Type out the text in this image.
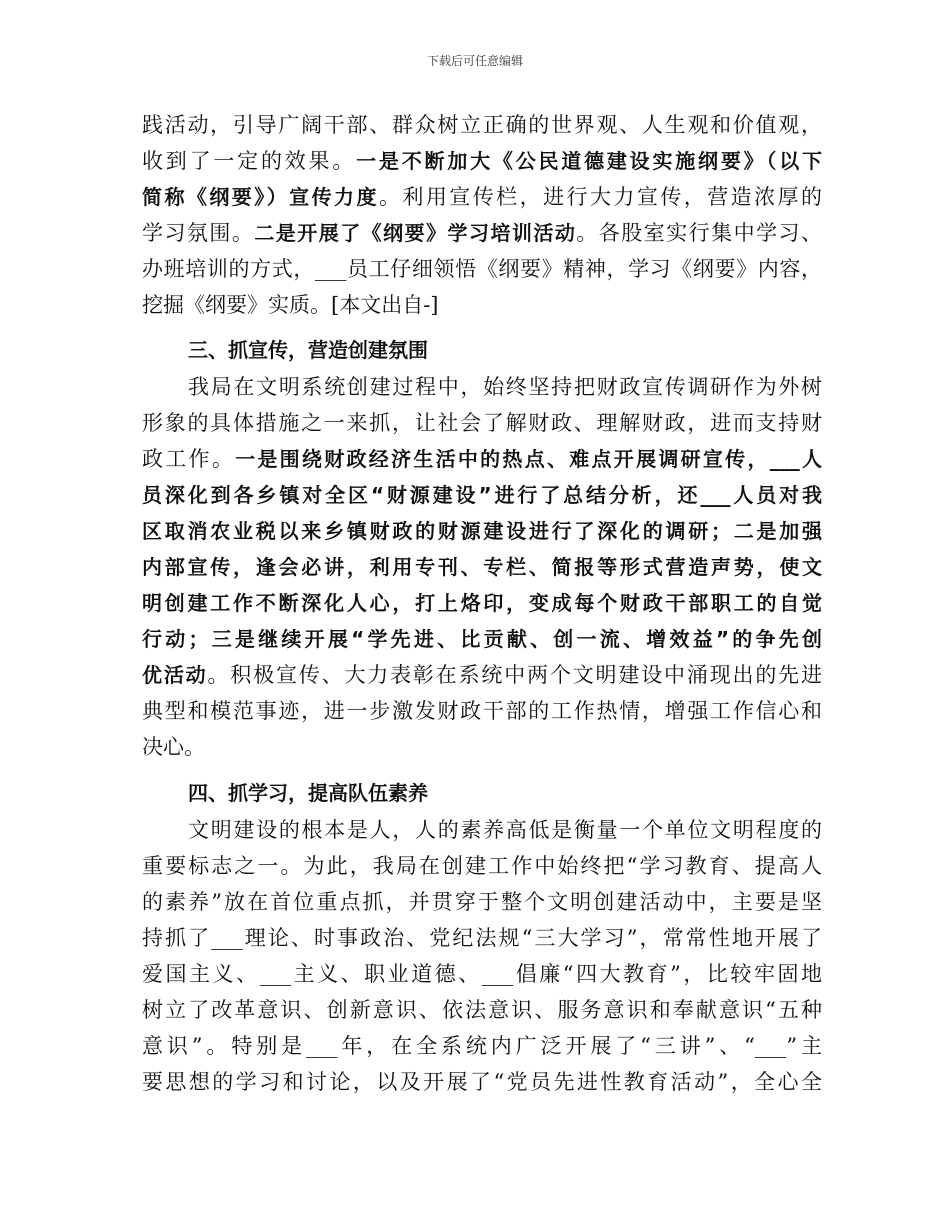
下载后可任意编辑
践活动，引导广阔干部、群众树立正确的世界观、人生观和价值观，
收到了一定的效果。一是不断加大《公民道德建设实施纲要》（以下
简称《纲要》）宣传力度。利用宣传栏，进行大力宣传，营造浓厚的
学习氛围。二是开展了《纲要》学习培训活动。各股室实行集中学习、
办班培训的方式，___员工仔细领悟《纲要》精神，学习《纲要》内容，
挖掘《纲要》实质。[本文出自-]
三、抓宣传，营造创建氛围
我局在文明系统创建过程中，始终坚持把财政宣传调研作为外树
形象的具体措施之一来抓，让社会了解财政、理解财政，进而支持财
政工作。一是围绕财政经济生活中的热点、难点开展调研宣传，___人
员深化到各乡镇对全区“财源建设”进行了总结分析，还___人员对我
区取消农业税以来乡镇财政的财源建设进行了深化的调研；二是加强
内部宣传，逢会必讲，利用专刊、专栏、简报等形式营造声势，使文
明创建工作不断深化人心，打上烙印，变成每个财政干部职工的自觉
行动；三是继续开展“学先进、比贡献、创一流、增效益”的争先创
优活动。积极宣传、大力表彰在系统中两个文明建设中涌现出的先进
典型和模范事迹，进一步激发财政干部的工作热情，增强工作信心和
决心。
四、抓学习，提高队伍素养
文明建设的根本是人，人的素养高低是衡量一个单位文明程度的
重要标志之一。为此，我局在创建工作中始终把“学习教育、提高人
的素养”放在首位重点抓，并贯穿于整个文明创建活动中，主要是坚
持抓了___理论、时事政治、党纪法规“三大学习”，常常性地开展了
爱国主义、___主义、职业道德、___倡廉“四大教育”，比较牢固地
树立了改革意识、创新意识、依法意识、服务意识和奉献意识“五种
意识”。特别是___年，在全系统内广泛开展了“三讲”、“___”主
要思想的学习和讨论，以及开展了“党员先进性教育活动”，全心全
